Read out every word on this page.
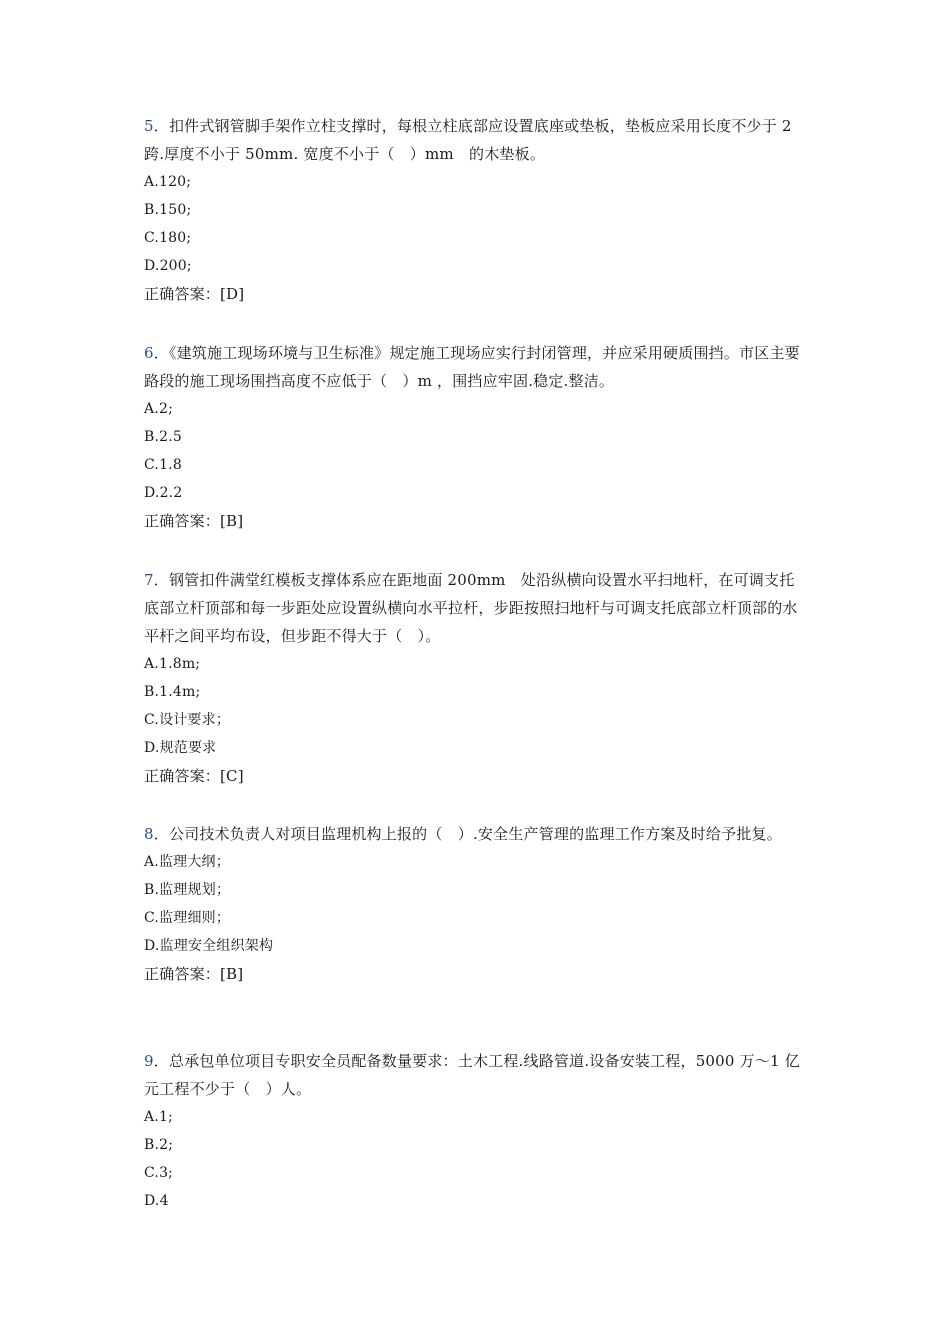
5．扣件式钢管脚手架作立柱支撑时，每根立柱底部应设置底座或垫板，垫板应采用长度不少于 2 跨.厚度不小于 50mm. 宽度不小于（　）mm　的木垫板。
A.120;
B.150;
C.180;
D.200;
正确答案：[D]
6．《建筑施工现场环境与卫生标准》规定施工现场应实行封闭管理，并应采用硬质围挡。市区主要路段的施工现场围挡高度不应低于（　）m ，围挡应牢固.稳定.整洁。
A.2;
B.2.5
C.1.8
D.2.2
正确答案：[B]
7．钢管扣件满堂红模板支撑体系应在距地面 200mm　处沿纵横向设置水平扫地杆，在可调支托底部立杆顶部和每一步距处应设置纵横向水平拉杆，步距按照扫地杆与可调支托底部立杆顶部的水平杆之间平均布设，但步距不得大于（　）。
A.1.8m;
B.1.4m;
C.设计要求；
D.规范要求
正确答案：[C]
8．公司技术负责人对项目监理机构上报的（　）.安全生产管理的监理工作方案及时给予批复。
A.监理大纲；
B.监理规划；
C.监理细则；
D.监理安全组织架构
正确答案：[B]
9．总承包单位项目专职安全员配备数量要求：土木工程.线路管道.设备安装工程，5000 万～1 亿元工程不少于（　）人。
A.1;
B.2;
C.3;
D.4
